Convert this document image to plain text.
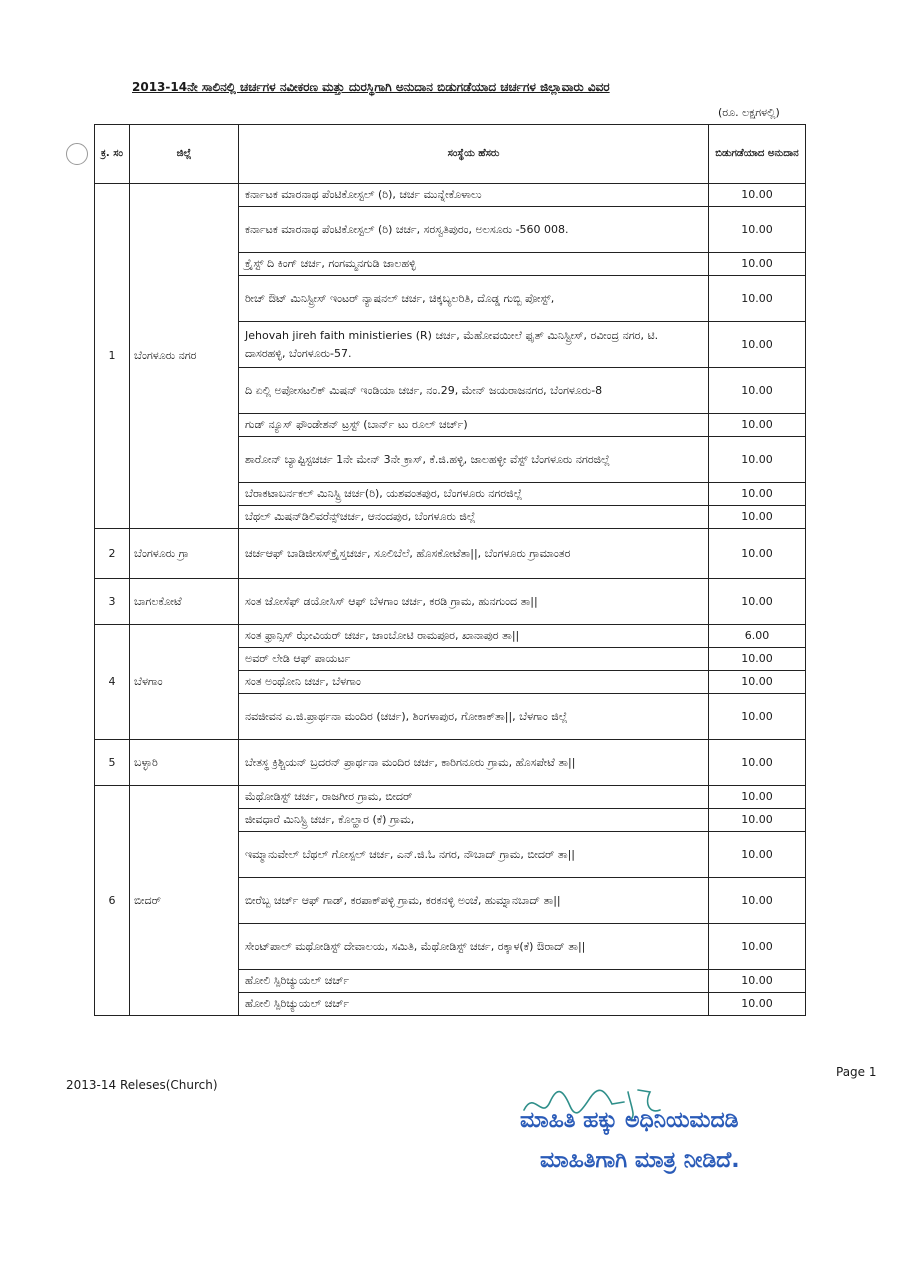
2013-14ನೇ ಸಾಲಿನಲ್ಲಿ ಚರ್ಚಗಳ ನವೀಕರಣ ಮತ್ತು ದುರಸ್ಥಿಗಾಗಿ ಅನುದಾನ ಬಿಡುಗಡೆಯಾದ ಚರ್ಚಗಳ ಜಿಲ್ಲಾವಾರು ವಿವರ
(ರೂ. ಲಕ್ಷಗಳಲ್ಲಿ)
ಕ್ರ. ಸಂ	ಜಿಲ್ಲೆ	ಸಂಸ್ಥೆಯ ಹೆಸರು	ಬಿಡುಗಡೆಯಾದ ಅನುದಾನ
1	ಬೆಂಗಳೂರು ನಗರ	ಕರ್ನಾಟಕ ಮಾರನಾಥ ಪೆಂಟಿಕೋಸ್ಟಲ್ (ರಿ), ಚರ್ಚ ಮುನ್ನೇಕೊಳಾಲು	10.00
		ಕರ್ನಾಟಕ ಮಾರನಾಥ ಪೆಂಟಿಕೋಸ್ಟಲ್ (ರಿ) ಚರ್ಚ, ಸರಸ್ವತಿಪುರಂ, ಅಲಸೂರು -560 008.	10.00
		ಕ್ರೈಸ್ಟ್ ದಿ ಕಿಂಗ್ ಚರ್ಚ, ಗಂಗಮ್ಮನಗುಡಿ ಜಾಲಹಳ್ಳಿ	10.00
		ರೀಚ್ ಔಟ್ ಮಿನಿಸ್ಟ್ರೀಸ್ ಇಂಟರ್ ನ್ಯಾಷನಲ್ ಚರ್ಚ, ಚಿಕ್ಕಬ್ಯಲರಿತಿ, ದೊಡ್ಡ ಗುಬ್ಬಿ ಪೋಸ್ಟ್,	10.00
		Jehovah jireh faith ministieries (R) ಚರ್ಚ, ಮೆಹೋವಯೀಲೆ ಫೃತ್ ಮಿನಿಸ್ಟ್ರೀಸ್, ರವೀಂದ್ರ ನಗರ, ಟಿ. ದಾಸರಹಳ್ಳಿ, ಬೆಂಗಳೂರು-57.	10.00
		ದಿ ಏಲ್ಲಿ ಅಪೋಸಟಲಿಕ್ ಮಿಷನ್ ಇಂಡಿಯಾ ಚರ್ಚ, ನಂ.29, ಮೇನ್ ಜಯರಾಜನಗರ, ಬೆಂಗಳೂರು-8	10.00
		ಗುಡ್ ನ್ಯೂಸ್ ಫೌಂಡೇಶನ್ ಟ್ರಸ್ಟ್ (ಬಾರ್ನ್ ಟು ರೂಲ್ ಚರ್ಚ್)	10.00
		ಶಾರೋನ್ ಬ್ಯಾಪ್ಟಿಸ್ಟಚರ್ಚ 1ನೇ ಮೇನ್ 3ನೇ ಕ್ರಾಸ್, ಕೆ.ಜಿ.ಹಳ್ಳಿ, ಜಾಲಹಳ್ಳೀ ವೆಸ್ಟ್ ಬೆಂಗಳೂರು ನಗರಜಿಲ್ಲೆ	10.00
		ಬೆರಾಕಟಾಬರ್ನಕಲ್ ಮಿನಿಸ್ಟ್ರಿ ಚರ್ಚ(ರಿ), ಯಶವಂತಪುರ, ಬೆಂಗಳೂರು ನಗರಜಿಲ್ಲೆ	10.00
		ಬೆಥಲ್ ಮಿಷನ್‌ಡಿಲಿವರೆನ್ಸ್‌ಚರ್ಚ, ಆನಂದಪುರ, ಬೆಂಗಳೂರು ಜಿಲ್ಲೆ	10.00
2	ಬೆಂಗಳೂರು ಗ್ರಾ	ಚರ್ಚಆಫ್ ಬಾಡಿಜೀಸಸ್‌ಕ್ರೈಸ್ತಚರ್ಚ, ಸೂಲಿಬೆಲೆ, ಹೊಸಕೋಟೆತಾ||, ಬೆಂಗಳೂರು ಗ್ರಾಮಾಂತರ	10.00
3	ಬಾಗಲಕೋಟೆ	ಸಂತ ಜೋಸೆಫ್ ಡಯೋಸಿಸ್ ಆಫ್ ಬೆಳಗಾಂ ಚರ್ಚ, ಕರಡಿ ಗ್ರಾಮ, ಹುನಗುಂದ ತಾ||	10.00
4	ಬೆಳಗಾಂ	ಸಂತ ಫ್ರಾನ್ಸಿಸ್ ಝೇವಿಯರ್ ಚರ್ಚ, ಜಾಂಬೋಟಿ ರಾಮಪೂರ, ಖಾನಾಪುರ ತಾ||	6.00
		ಅವರ್ ಲೇಡಿ ಆಫ್ ಪಾಯರ್ಟ	10.00
		ಸಂತ ಅಂಥೋನಿ ಚರ್ಚ, ಬೆಳಗಾಂ	10.00
		ನವಜೀವನ ಎ.ಜಿ.ಪ್ರಾರ್ಥನಾ ಮಂದಿರ (ಚರ್ಚ), ಶಿಂಗಳಾಪುರ, ಗೋಕಾಕ್‌ತಾ||, ಬೆಳಗಾಂ ಜಿಲ್ಲೆ	10.00
5	ಬಳ್ಳಾರಿ	ಬೇತಸ್ಥ ಕ್ರಿಶ್ಚಿಯನ್ ಬ್ರದರನ್ ಪ್ರಾರ್ಥನಾ ಮಂದಿರ ಚರ್ಚ, ಕಾರಿಗನೂರು ಗ್ರಾಮ, ಹೊಸಪೇಟೆ ತಾ||	10.00
6	ಬೀದರ್	ಮೆಥೋಡಿಸ್ಟ್ ಚರ್ಚ, ರಾಜಗೀರ ಗ್ರಾಮ, ಬೀದರ್	10.00
		ಜೀವಧಾರೆ ಮಿನಿಸ್ಟ್ರಿ ಚರ್ಚ, ಕೊಲ್ಹಾರ (ಕೆ) ಗ್ರಾಮ,	10.00
		ಇಮ್ಮಾನುವೇಲ್ ಬೆಥಲ್ ಗೋಸ್ಪಲ್ ಚರ್ಚ, ಎನ್.ಜಿ.ಓ ನಗರ, ನೌಬಾದ್ ಗ್ರಾಮ, ಬೀದರ್ ತಾ||	10.00
		ಬೀರೆಬ್ಬ ಚರ್ಚ್ ಆಫ್ ಗಾಡ್, ಕರಪಾಕ್‌ಪಳ್ಳಿ ಗ್ರಾಮ, ಕರಕನಳ್ಳಿ ಅಂಚೆ, ಹುಮ್ನಾನಬಾದ್ ತಾ||	10.00
		ಸೇಂಟ್‌ಪಾಲ್ ಮಥೋಡಿಸ್ಟ್ ದೇವಾಲಯ, ಸಮಿತಿ, ಮೆಥೋಡಿಸ್ಟ್ ಚರ್ಚ, ರಕ್ಕಾಳ(ಕೆ) ಔರಾದ್ ತಾ||	10.00
		ಹೋಲಿ ಸ್ಪಿರಿಚ್ಯುಯಲ್ ಚರ್ಚ್	10.00
		ಹೋಲಿ ಸ್ಪಿರಿಚ್ಯುಯಲ್ ಚರ್ಚ್	10.00
2013-14 Releses(Church)
Page 1
ಮಾಹಿತಿ ಹಕ್ಕು ಅಧಿನಿಯಮದಡಿ
ಮಾಹಿತಿಗಾಗಿ ಮಾತ್ರ ನೀಡಿದೆ.
